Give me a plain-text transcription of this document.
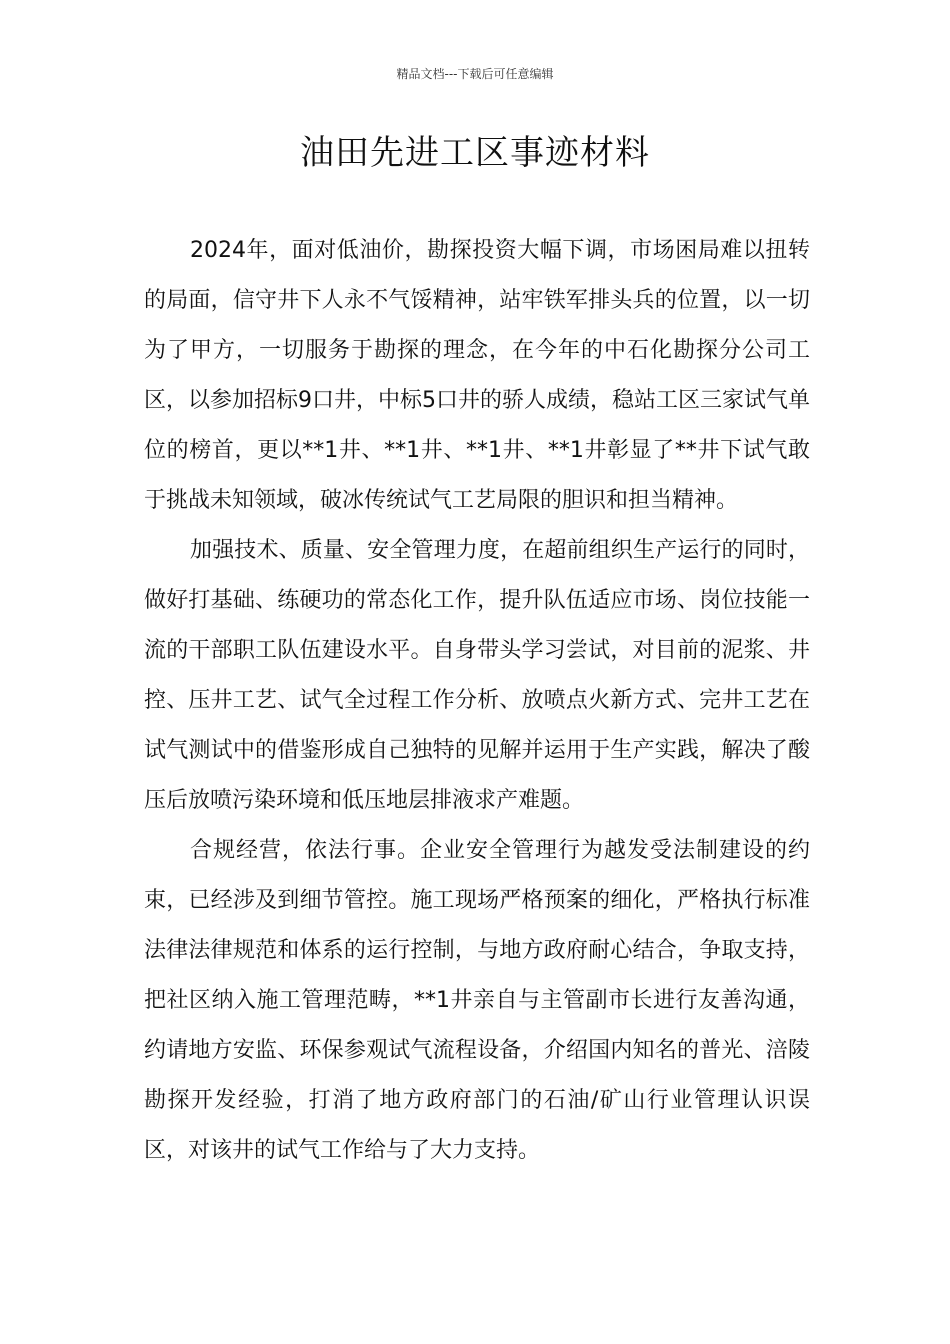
精品文档---下载后可任意编辑
油田先进工区事迹材料

2024年，面对低油价，勘探投资大幅下调，市场困局难以扭转的局面，信守井下人永不气馁精神，站牢铁军排头兵的位置，以一切为了甲方，一切服务于勘探的理念，在今年的中石化勘探分公司工区，以参加招标9口井，中标5口井的骄人成绩，稳站工区三家试气单位的榜首，更以**1井、**1井、**1井、**1井彰显了**井下试气敢于挑战未知领域，破冰传统试气工艺局限的胆识和担当精神。

加强技术、质量、安全管理力度，在超前组织生产运行的同时，做好打基础、练硬功的常态化工作，提升队伍适应市场、岗位技能一流的干部职工队伍建设水平。自身带头学习尝试，对目前的泥浆、井控、压井工艺、试气全过程工作分析、放喷点火新方式、完井工艺在试气测试中的借鉴形成自己独特的见解并运用于生产实践，解决了酸压后放喷污染环境和低压地层排液求产难题。

合规经营，依法行事。企业安全管理行为越发受法制建设的约束，已经涉及到细节管控。施工现场严格预案的细化，严格执行标准法律法律规范和体系的运行控制，与地方政府耐心结合，争取支持，把社区纳入施工管理范畴，**1井亲自与主管副市长进行友善沟通，约请地方安监、环保参观试气流程设备，介绍国内知名的普光、涪陵勘探开发经验，打消了地方政府部门的石油/矿山行业管理认识误区，对该井的试气工作给与了大力支持。
